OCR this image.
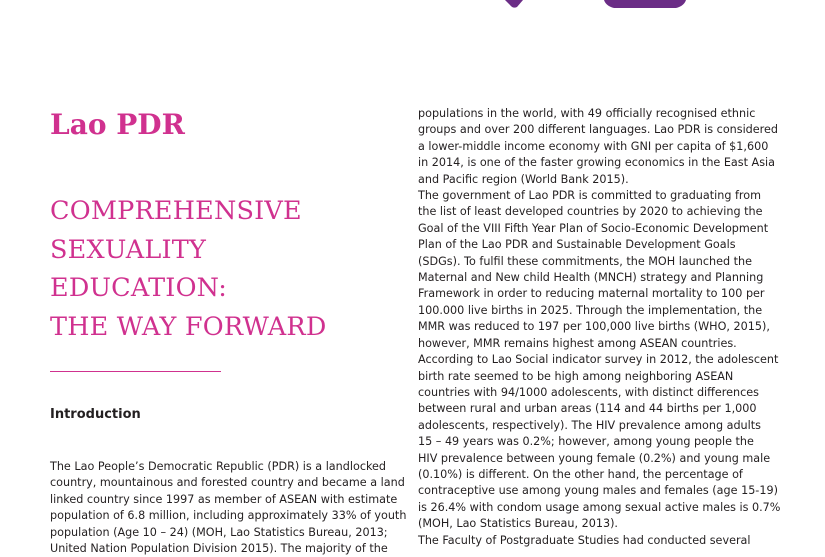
Lao PDR
COMPREHENSIVE
SEXUALITY
EDUCATION:
THE WAY FORWARD
Introduction
The Lao People’s Democratic Republic (PDR) is a landlocked
country, mountainous and forested country and became a land
linked country since 1997 as member of ASEAN with estimate
population of 6.8 million, including approximately 33% of youth
population (Age 10 – 24) (MOH, Lao Statistics Bureau, 2013;
United Nation Population Division 2015). The majority of the
populations in the world, with 49 officially recognised ethnic
groups and over 200 different languages. Lao PDR is considered
a lower-middle income economy with GNI per capita of $1,600
in 2014, is one of the faster growing economics in the East Asia
and Pacific region (World Bank 2015).
The government of Lao PDR is committed to graduating from
the list of least developed countries by 2020 to achieving the
Goal of the VIII Fifth Year Plan of Socio-Economic Development
Plan of the Lao PDR and Sustainable Development Goals
(SDGs). To fulfil these commitments, the MOH launched the
Maternal and New child Health (MNCH) strategy and Planning
Framework in order to reducing maternal mortality to 100 per
100.000 live births in 2025. Through the implementation, the
MMR was reduced to 197 per 100,000 live births (WHO, 2015),
however, MMR remains highest among ASEAN countries.
According to Lao Social indicator survey in 2012, the adolescent
birth rate seemed to be high among neighboring ASEAN
countries with 94/1000 adolescents, with distinct differences
between rural and urban areas (114 and 44 births per 1,000
adolescents, respectively). The HIV prevalence among adults
15 – 49 years was 0.2%; however, among young people the
HIV prevalence between young female (0.2%) and young male
(0.10%) is different. On the other hand, the percentage of
contraceptive use among young males and females (age 15-19)
is 26.4% with condom usage among sexual active males is 0.7%
(MOH, Lao Statistics Bureau, 2013).
The Faculty of Postgraduate Studies had conducted several
